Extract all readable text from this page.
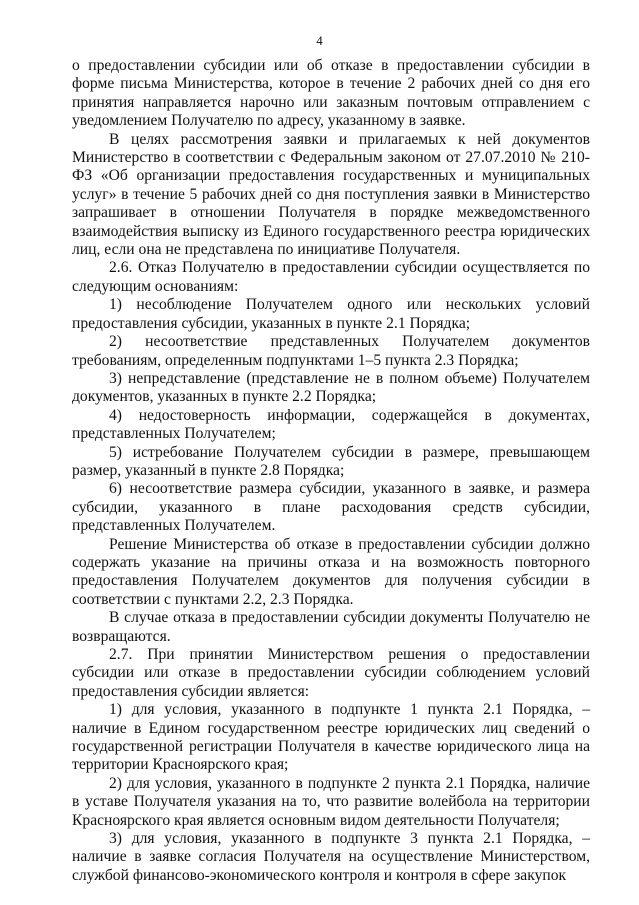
4

о предоставлении субсидии или об отказе в предоставлении субсидии в форме письма Министерства, которое в течение 2 рабочих дней со дня его принятия направляется нарочно или заказным почтовым отправлением с уведомлением Получателю по адресу, указанному в заявке.

В целях рассмотрения заявки и прилагаемых к ней документов Министерство в соответствии с Федеральным законом от 27.07.2010 № 210-ФЗ «Об организации предоставления государственных и муниципальных услуг» в течение 5 рабочих дней со дня поступления заявки в Министерство запрашивает в отношении Получателя в порядке межведомственного взаимодействия выписку из Единого государственного реестра юридических лиц, если она не представлена по инициативе Получателя.

2.6. Отказ Получателю в предоставлении субсидии осуществляется по следующим основаниям:

1) несоблюдение Получателем одного или нескольких условий предоставления субсидии, указанных в пункте 2.1 Порядка;

2) несоответствие представленных Получателем документов требованиям, определенным подпунктами 1–5 пункта 2.3 Порядка;

3) непредставление (представление не в полном объеме) Получателем документов, указанных в пункте 2.2 Порядка;

4) недостоверность информации, содержащейся в документах, представленных Получателем;

5) истребование Получателем субсидии в размере, превышающем размер, указанный в пункте 2.8 Порядка;

6) несоответствие размера субсидии, указанного в заявке, и размера субсидии, указанного в плане расходования средств субсидии, представленных Получателем.

Решение Министерства об отказе в предоставлении субсидии должно содержать указание на причины отказа и на возможность повторного предоставления Получателем документов для получения субсидии в соответствии с пунктами 2.2, 2.3 Порядка.

В случае отказа в предоставлении субсидии документы Получателю не возвращаются.

2.7. При принятии Министерством решения о предоставлении субсидии или отказе в предоставлении субсидии соблюдением условий предоставления субсидии является:

1) для условия, указанного в подпункте 1 пункта 2.1 Порядка, – наличие в Едином государственном реестре юридических лиц сведений о государственной регистрации Получателя в качестве юридического лица на территории Красноярского края;

2) для условия, указанного в подпункте 2 пункта 2.1 Порядка, наличие в уставе Получателя указания на то, что развитие волейбола на территории Красноярского края является основным видом деятельности Получателя;

3) для условия, указанного в подпункте 3 пункта 2.1 Порядка, – наличие в заявке согласия Получателя на осуществление Министерством, службой финансово-экономического контроля и контроля в сфере закупок
